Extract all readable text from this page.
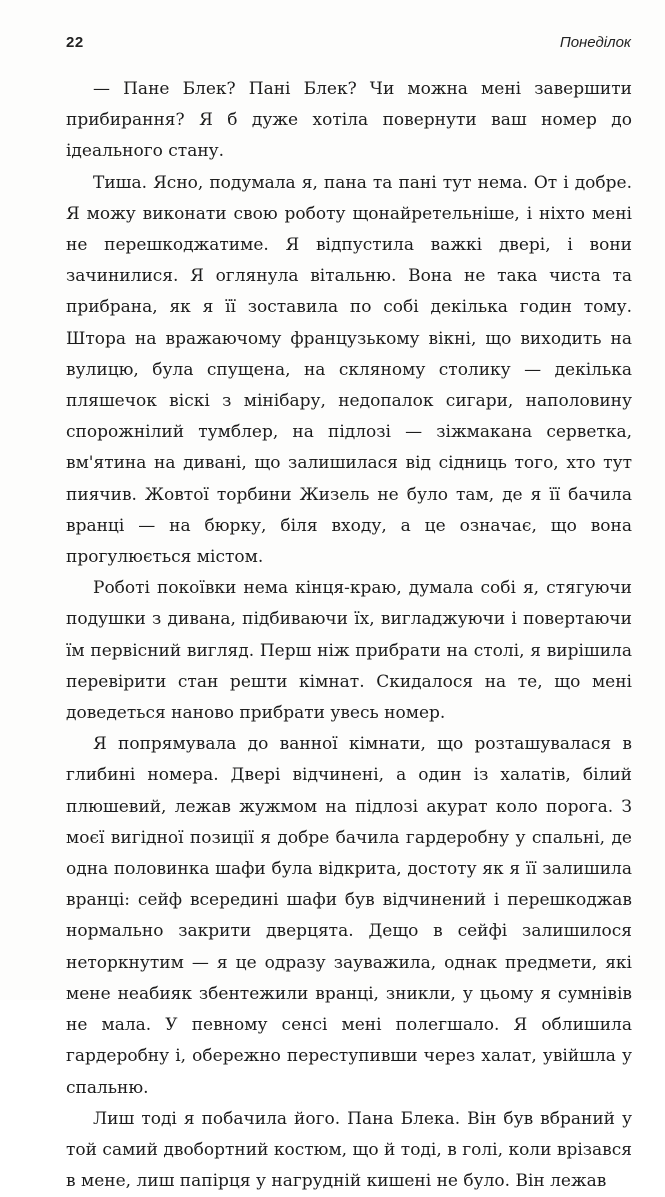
22	Понеділок

— Пане Блек? Пані Блек? Чи можна мені завершити прибирання? Я б дуже хотіла повернути ваш номер до ідеального стану.

Тиша. Ясно, подумала я, пана та пані тут нема. От і добре. Я можу виконати свою роботу щонайретельніше, і ніхто мені не перешкоджатиме. Я відпустила важкі двері, і вони зачинилися. Я оглянула вітальню. Вона не така чиста та прибрана, як я її зоставила по собі декілька годин тому. Штора на вражаючому французькому вікні, що виходить на вулицю, була спущена, на скляному столику — декілька пляшечок віскі з мінібару, недопалок сигари, наполовину спорожнілий тумблер, на підлозі — зіжмакана серветка, вм'ятина на дивані, що залишилася від сідниць того, хто тут пиячив. Жовтої торбини Жизель не було там, де я її бачила вранці — на бюрку, біля входу, а це означає, що вона прогулюється містом.

Роботі покоївки нема кінця-краю, думала собі я, стягуючи подушки з дивана, підбиваючи їх, вигладжуючи і повертаючи їм первісний вигляд. Перш ніж прибрати на столі, я вирішила перевірити стан решти кімнат. Скидалося на те, що мені доведеться наново прибрати увесь номер.

Я попрямувала до ванної кімнати, що розташувалася в глибині номера. Двері відчинені, а один із халатів, білий плюшевий, лежав жужмом на підлозі акурат коло порога. З моєї вигідної позиції я добре бачила гардеробну у спальні, де одна половинка шафи була відкрита, достоту як я її залишила вранці: сейф всередині шафи був відчинений і перешкоджав нормально закрити дверцята. Дещо в сейфі залишилося неторкнутим — я це одразу зауважила, однак предмети, які мене неабияк збентежили вранці, зникли, у цьому я сумнівів не мала. У певному сенсі мені полегшало. Я облишила гардеробну і, обережно переступивши через халат, увійшла у спальню.

Лиш тоді я побачила його. Пана Блека. Він був вбраний у той самий двобортний костюм, що й тоді, в голі, коли врізався в мене, лиш папірця у нагрудній кишені не було. Він лежав
